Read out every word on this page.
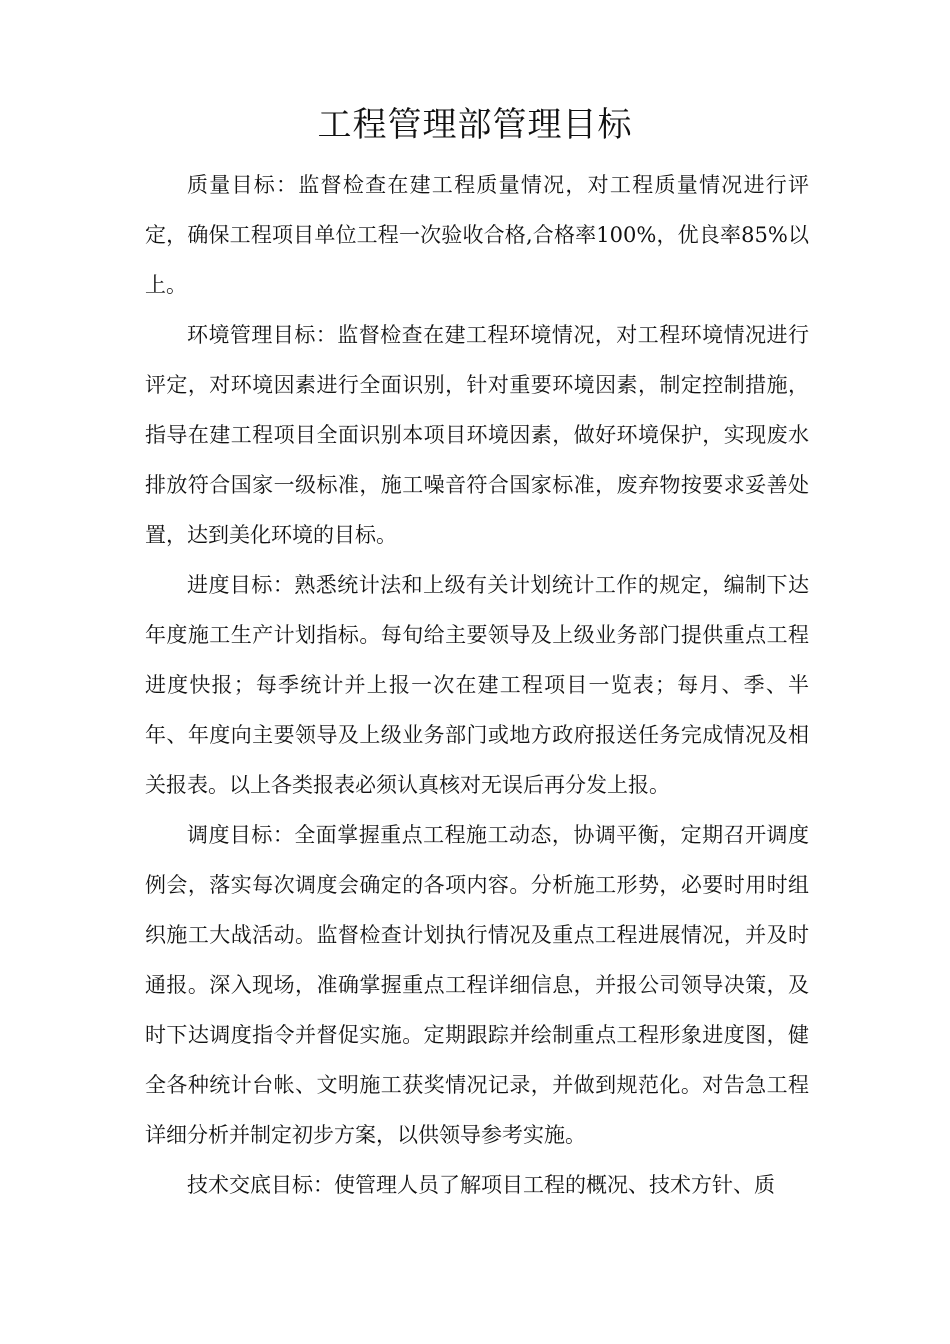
工程管理部管理目标

质量目标：监督检查在建工程质量情况，对工程质量情况进行评定，确保工程项目单位工程一次验收合格,合格率100%，优良率85%以上。

环境管理目标：监督检查在建工程环境情况，对工程环境情况进行评定，对环境因素进行全面识别，针对重要环境因素，制定控制措施，指导在建工程项目全面识别本项目环境因素，做好环境保护，实现废水排放符合国家一级标准，施工噪音符合国家标准，废弃物按要求妥善处置，达到美化环境的目标。

进度目标：熟悉统计法和上级有关计划统计工作的规定，编制下达年度施工生产计划指标。每旬给主要领导及上级业务部门提供重点工程进度快报；每季统计并上报一次在建工程项目一览表；每月、季、半年、年度向主要领导及上级业务部门或地方政府报送任务完成情况及相关报表。以上各类报表必须认真核对无误后再分发上报。

调度目标：全面掌握重点工程施工动态，协调平衡，定期召开调度例会，落实每次调度会确定的各项内容。分析施工形势，必要时用时组织施工大战活动。监督检查计划执行情况及重点工程进展情况，并及时通报。深入现场，准确掌握重点工程详细信息，并报公司领导决策，及时下达调度指令并督促实施。定期跟踪并绘制重点工程形象进度图，健全各种统计台帐、文明施工获奖情况记录，并做到规范化。对告急工程详细分析并制定初步方案，以供领导参考实施。

技术交底目标：使管理人员了解项目工程的概况、技术方针、质
